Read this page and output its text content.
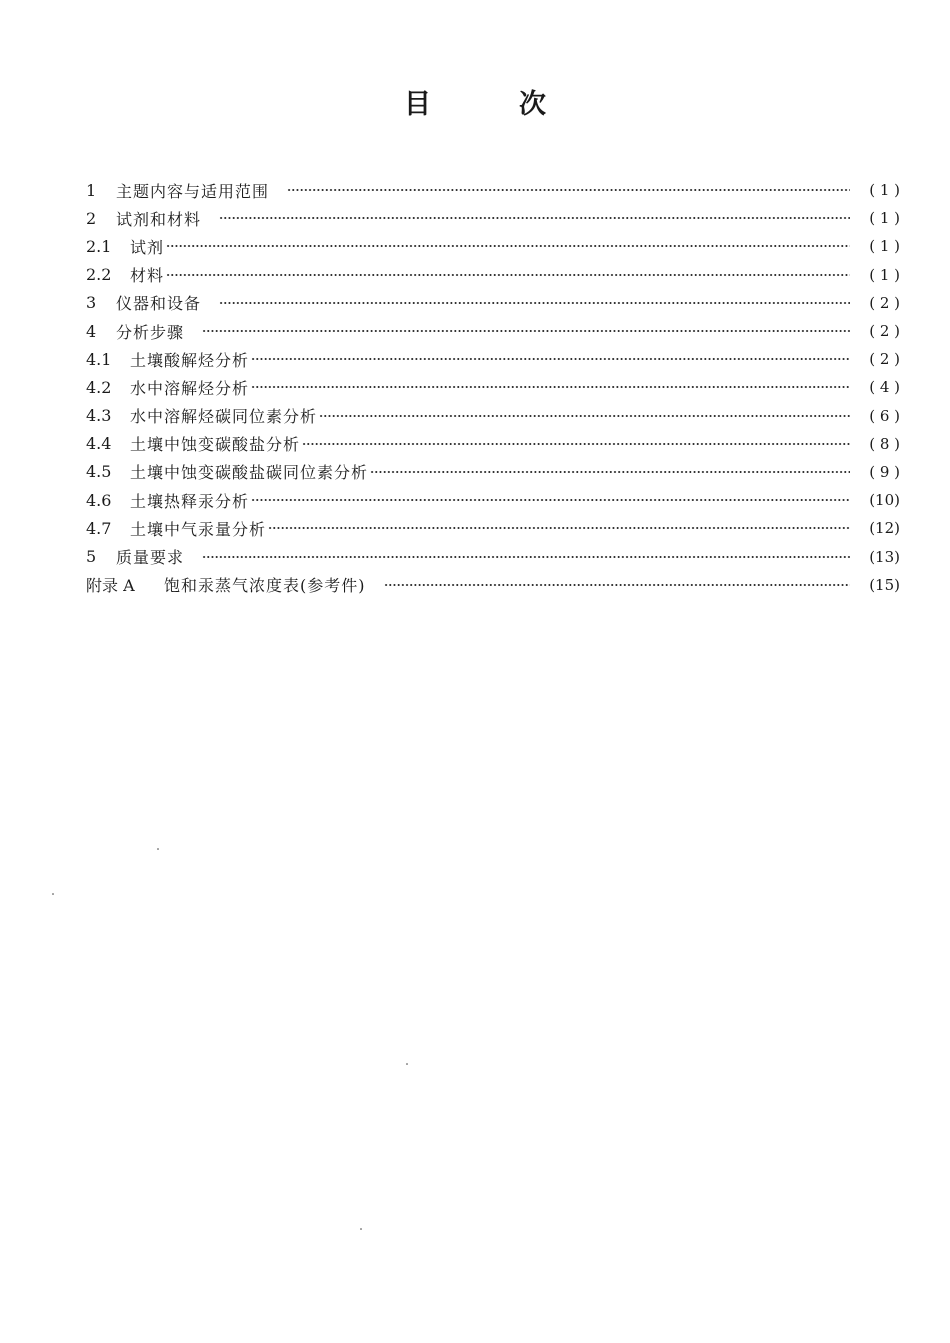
目	次
1	主题内容与适用范围	( 1 )
2	试剂和材料	( 1 )
2.1	试剂	( 1 )
2.2	材料	( 1 )
3	仪器和设备	( 2 )
4	分析步骤	( 2 )
4.1	土壤酸解烃分析	( 2 )
4.2	水中溶解烃分析	( 4 )
4.3	水中溶解烃碳同位素分析	( 6 )
4.4	土壤中蚀变碳酸盐分析	( 8 )
4.5	土壤中蚀变碳酸盐碳同位素分析	( 9 )
4.6	土壤热释汞分析	(10)
4.7	土壤中气汞量分析	(12)
5	质量要求	(13)
附录 A	饱和汞蒸气浓度表(参考件)	(15)
